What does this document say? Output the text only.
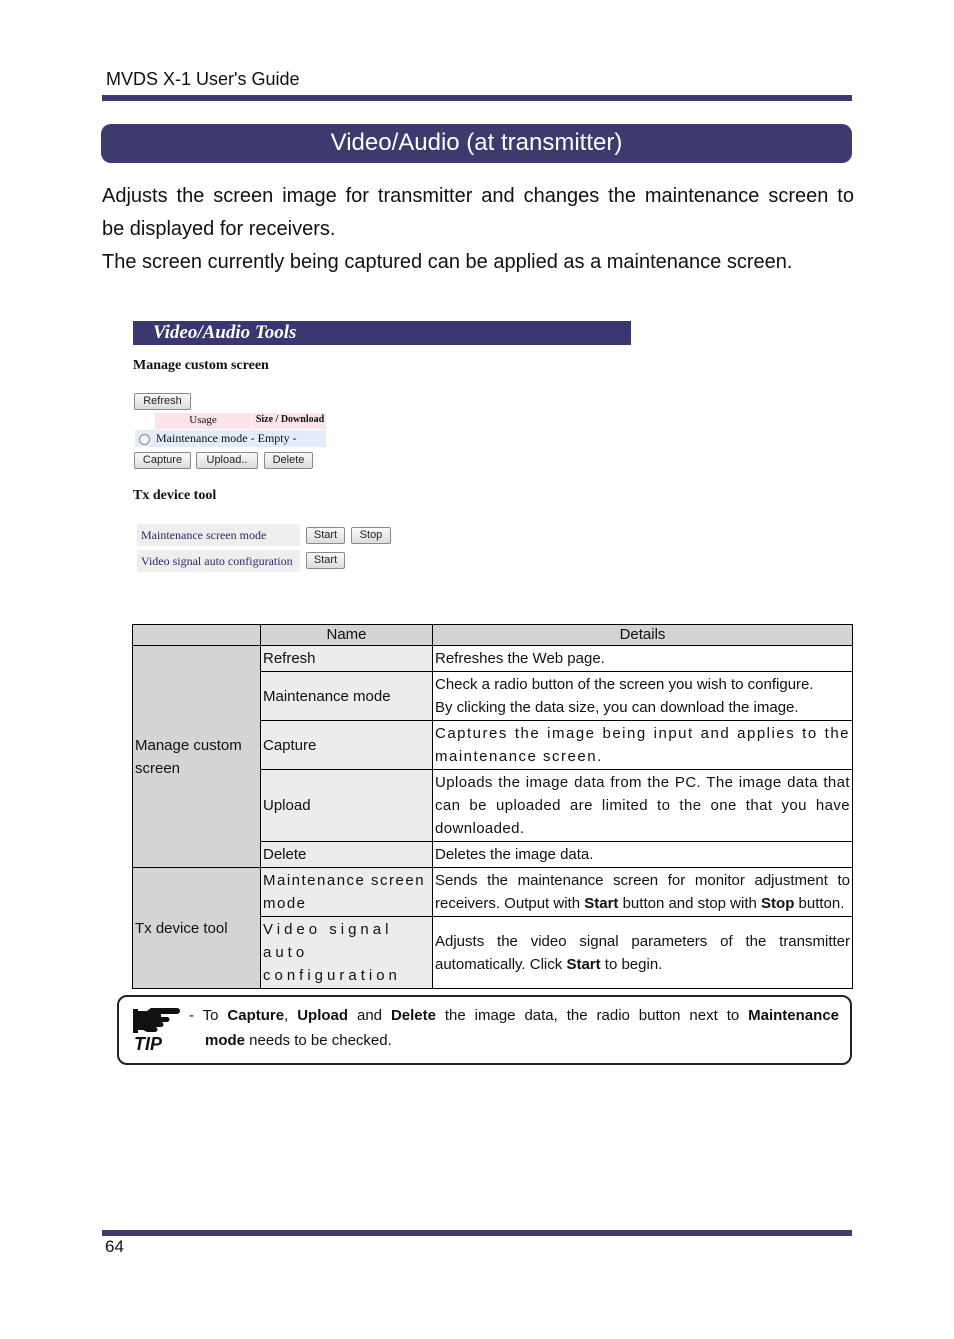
MVDS X-1 User's Guide
Video/Audio (at transmitter)

Adjusts the screen image for transmitter and changes the maintenance screen to

be displayed for receivers.

The screen currently being captured can be applied as a maintenance screen.

Video/Audio Tools
Manage custom screen
Refresh
Usage	Size / Download
Maintenance mode - Empty -
Capture	Upload..	Delete
Tx device tool
Maintenance screen mode	Start	Stop
Video signal auto configuration	Start
	Name	Details
Manage custom screen	Refresh	Refreshes the Web page.
	Maintenance mode	Check a radio button of the screen you wish to configure.
By clicking the data size, you can download the image.

	Capture	Captures the image being input and applies to the maintenance screen.
	Upload	Uploads the image data from the PC. The image data that can be uploaded are limited to the one that you have downloaded.
	Delete	Deletes the image data.
Tx device tool	Maintenance screen mode	Sends the maintenance screen for monitor adjustment to receivers. Output with Start button and stop with Stop button.
	Video signal auto configuration	Adjusts the video signal parameters of the transmitter automatically. Click Start to begin.
TIP
- To Capture, Upload and Delete the image data, the radio button next to Maintenance
mode needs to be checked.
64
